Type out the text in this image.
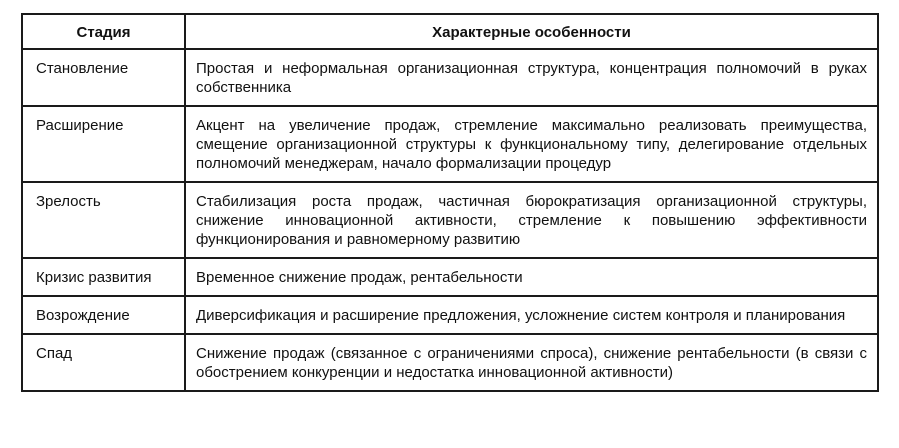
Стадия	Характерные особенности
Становление	Простая и неформальная организационная структура, концентрация полномочий в руках собственника
Расширение	Акцент на увеличение продаж, стремление максимально реализовать преимущества, смещение организационной структуры к функциональному типу, делегирование отдельных полномочий менеджерам, начало формализации процедур
Зрелость	Стабилизация роста продаж, частичная бюрократизация организационной структуры, снижение инновационной активности, стремление к повышению эффективности функционирования и равномерному развитию
Кризис развития	Временное снижение продаж, рентабельности
Возрождение	Диверсификация и расширение предложения, усложнение систем контроля и планирования
Спад	Снижение продаж (связанное с ограничениями спроса), снижение рентабельности (в связи с обострением конкуренции и недостатка инновационной активности)
